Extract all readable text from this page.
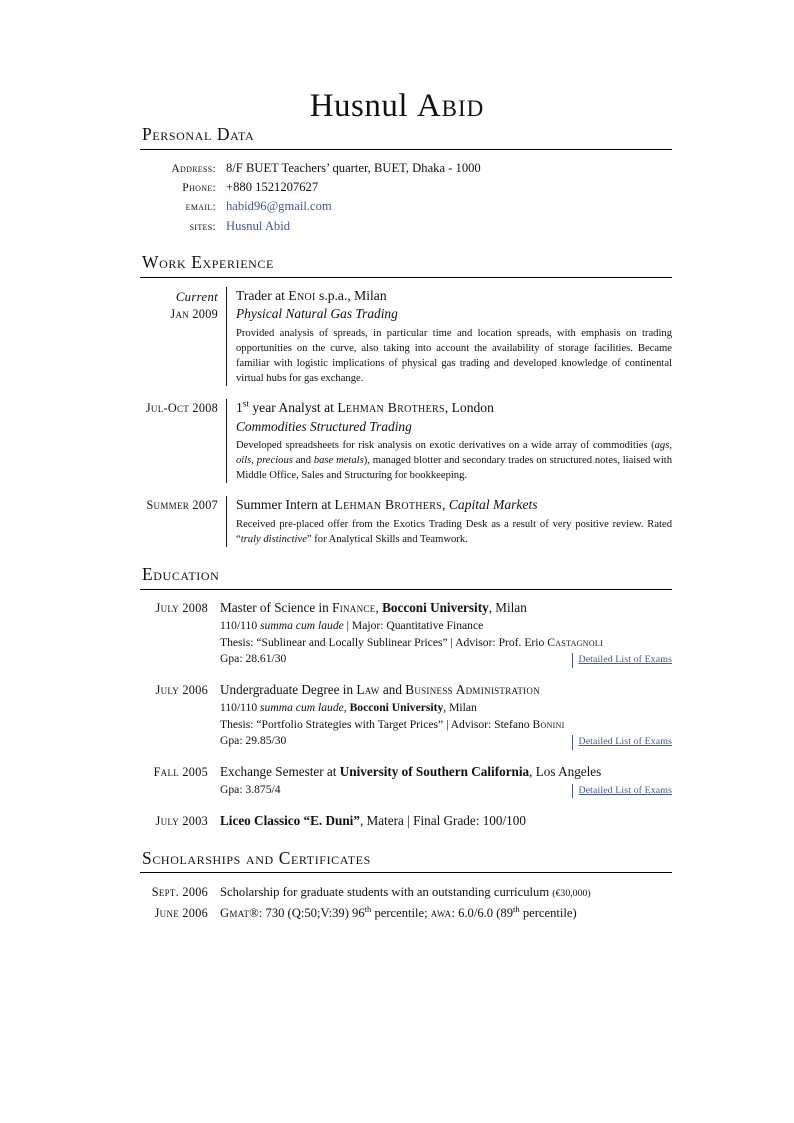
Husnul Abid
Personal Data
Address: 8/F BUET Teachers’ quarter, BUET, Dhaka - 1000
Phone: +880 1521207627
email: habid96@gmail.com
sites: Husnul Abid
Work Experience
Current
Jan 2009
Trader at Enoi s.p.a., Milan
Physical Natural Gas Trading
Provided analysis of spreads, in particular time and location spreads, with emphasis on trading opportunities on the curve, also taking into account the availability of storage facilities. Became familiar with logistic implications of physical gas trading and developed knowledge of continental virtual hubs for gas exchange.
Jul-Oct 2008 1st year Analyst at Lehman Brothers, London
Commodities Structured Trading
Developed spreadsheets for risk analysis on exotic derivatives on a wide array of commodities (ags, oils, precious and base metals), managed blotter and secondary trades on structured notes, liaised with Middle Office, Sales and Structuring for bookkeeping.
Summer 2007 Summer Intern at Lehman Brothers, Capital Markets
Received pre-placed offer from the Exotics Trading Desk as a result of very positive review. Rated “truly distinctive” for Analytical Skills and Teamwork.
Education
July 2008 Master of Science in Finance, Bocconi University, Milan
110/110 summa cum laude | Major: Quantitative Finance
Thesis: “Sublinear and Locally Sublinear Prices” | Advisor: Prof. Erio Castagnoli
Gpa: 28.61/30	Detailed List of Exams
July 2006 Undergraduate Degree in Law and Business Administration
110/110 summa cum laude, Bocconi University, Milan
Thesis: “Portfolio Strategies with Target Prices” | Advisor: Stefano Bonini
Gpa: 29.85/30	Detailed List of Exams
Fall 2005 Exchange Semester at University of Southern California, Los Angeles
Gpa: 3.875/4	Detailed List of Exams
July 2003 Liceo Classico “E. Duni”, Matera | Final Grade: 100/100
Scholarships and Certificates
Sept. 2006 Scholarship for graduate students with an outstanding curriculum (€30,000)
June 2006 Gmat®: 730 (Q:50;V:39) 96th percentile; awa: 6.0/6.0 (89th percentile)
